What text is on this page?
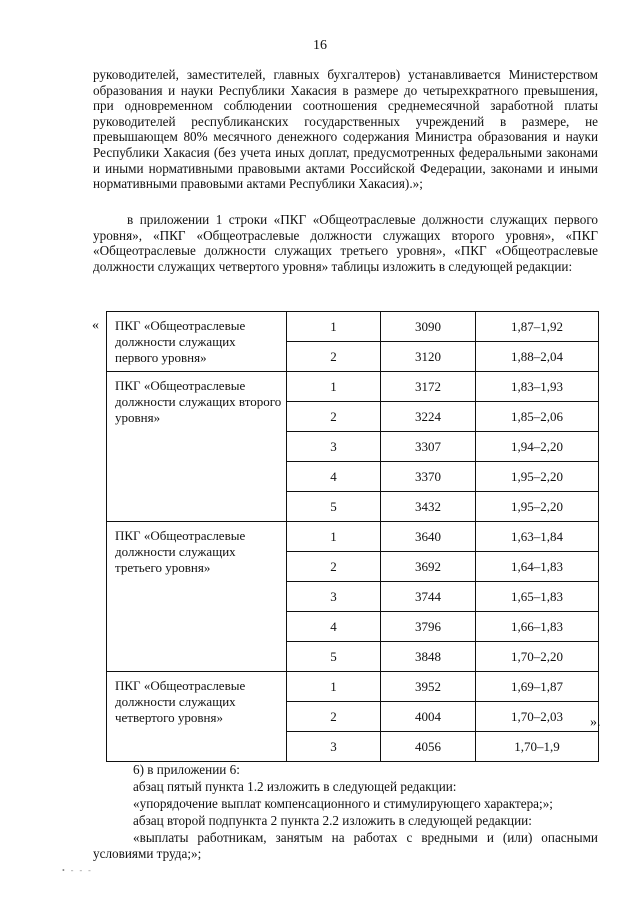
16
руководителей, заместителей, главных бухгалтеров) устанавливается Министерством образования и науки Республики Хакасия в размере до четырехкратного превышения, при одновременном соблюдении соотношения среднемесячной заработной платы руководителей республиканских государственных учреждений в размере, не превышающем 80% месячного денежного содержания Министра образования и науки Республики Хакасия (без учета иных доплат, предусмотренных федеральными законами и иными нормативными правовыми актами Российской Федерации, законами и иными нормативными правовыми актами Республики Хакасия).»;
в приложении 1 строки «ПКГ «Общеотраслевые должности служащих первого уровня», «ПКГ «Общеотраслевые должности служащих второго уровня», «ПКГ «Общеотраслевые должности служащих третьего уровня», «ПКГ «Общеотраслевые должности служащих четвертого уровня» таблицы изложить в следующей редакции:
« ПКГ «Общеотраслевые должности служащих первого уровня»	1	3090	1,87–1,92
	2	3120	1,88–2,04
ПКГ «Общеотраслевые должности служащих второго уровня»	1	3172	1,83–1,93
	2	3224	1,85–2,06
	3	3307	1,94–2,20
	4	3370	1,95–2,20
	5	3432	1,95–2,20
ПКГ «Общеотраслевые должности служащих третьего уровня»	1	3640	1,63–1,84
	2	3692	1,64–1,83
	3	3744	1,65–1,83
	4	3796	1,66–1,83
	5	3848	1,70–2,20
ПКГ «Общеотраслевые должности служащих четвертого уровня»	1	3952	1,69–1,87
	2	4004	1,70–2,03
	3	4056	1,70–1,9
».
6) в приложении 6:
абзац пятый пункта 1.2 изложить в следующей редакции:
«упорядочение выплат компенсационного и стимулирующего характера;»;
абзац второй подпункта 2 пункта 2.2 изложить в следующей редакции:
«выплаты работникам, занятым на работах с вредными и (или) опасными условиями труда;»;
• - - -
